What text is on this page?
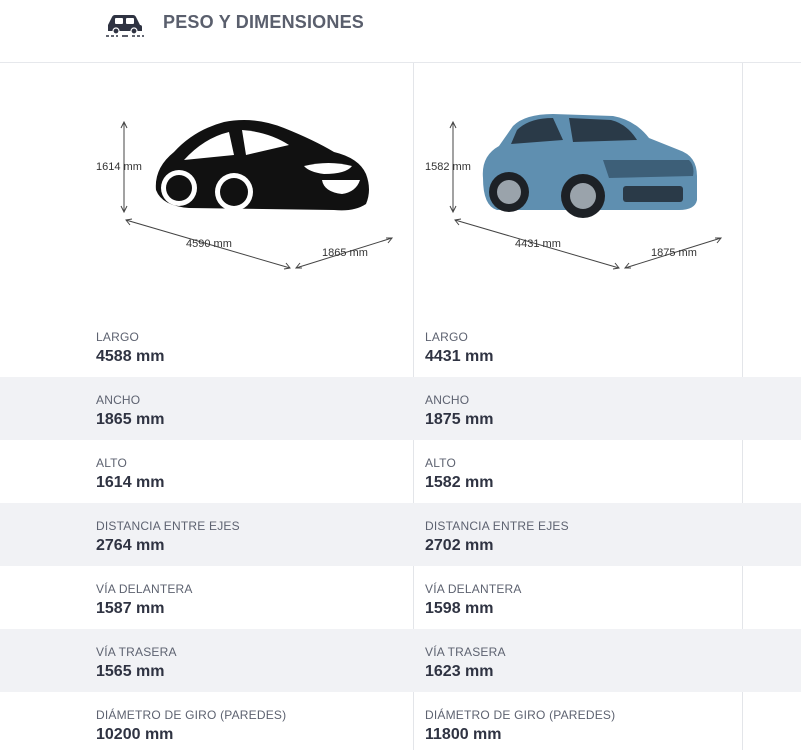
PESO Y DIMENSIONES
1614 mm
4590 mm
1865 mm
1582 mm
4431 mm
1875 mm
LARGO
4588 mm
LARGO
4431 mm
ANCHO
1865 mm
ANCHO
1875 mm
ALTO
1614 mm
ALTO
1582 mm
DISTANCIA ENTRE EJES
2764 mm
DISTANCIA ENTRE EJES
2702 mm
VÍA DELANTERA
1587 mm
VÍA DELANTERA
1598 mm
VÍA TRASERA
1565 mm
VÍA TRASERA
1623 mm
DIÁMETRO DE GIRO (PAREDES)
10200 mm
DIÁMETRO DE GIRO (PAREDES)
11800 mm
